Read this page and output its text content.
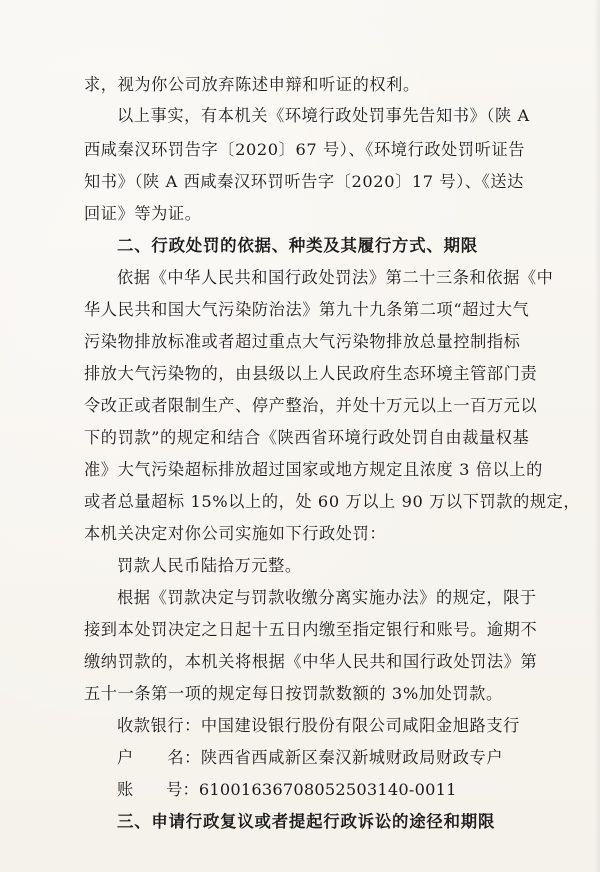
求，视为你公司放弃陈述申辩和听证的权利。
以上事实，有本机关《环境行政处罚事先告知书》（陕 A
西咸秦汉环罚告字〔2020〕67 号）、《环境行政处罚听证告
知书》（陕 A 西咸秦汉环罚听告字〔2020〕17 号）、《送达
回证》等为证。
二、行政处罚的依据、种类及其履行方式、期限
依据《中华人民共和国行政处罚法》第二十三条和依据《中
华人民共和国大气污染防治法》第九十九条第二项“超过大气
污染物排放标准或者超过重点大气污染物排放总量控制指标
排放大气污染物的，由县级以上人民政府生态环境主管部门责
令改正或者限制生产、停产整治，并处十万元以上一百万元以
下的罚款”的规定和结合《陕西省环境行政处罚自由裁量权基
准》大气污染超标排放超过国家或地方规定且浓度 3 倍以上的
或者总量超标 15%以上的，处 60 万以上 90 万以下罚款的规定，
本机关决定对你公司实施如下行政处罚：
罚款人民币陆拾万元整。
根据《罚款决定与罚款收缴分离实施办法》的规定，限于
接到本处罚决定之日起十五日内缴至指定银行和账号。逾期不
缴纳罚款的，本机关将根据《中华人民共和国行政处罚法》第
五十一条第一项的规定每日按罚款数额的 3%加处罚款。
收款银行：中国建设银行股份有限公司咸阳金旭路支行
户　　名：陕西省西咸新区秦汉新城财政局财政专户
账　　号：61001636708052503140-0011
三、申请行政复议或者提起行政诉讼的途径和期限
